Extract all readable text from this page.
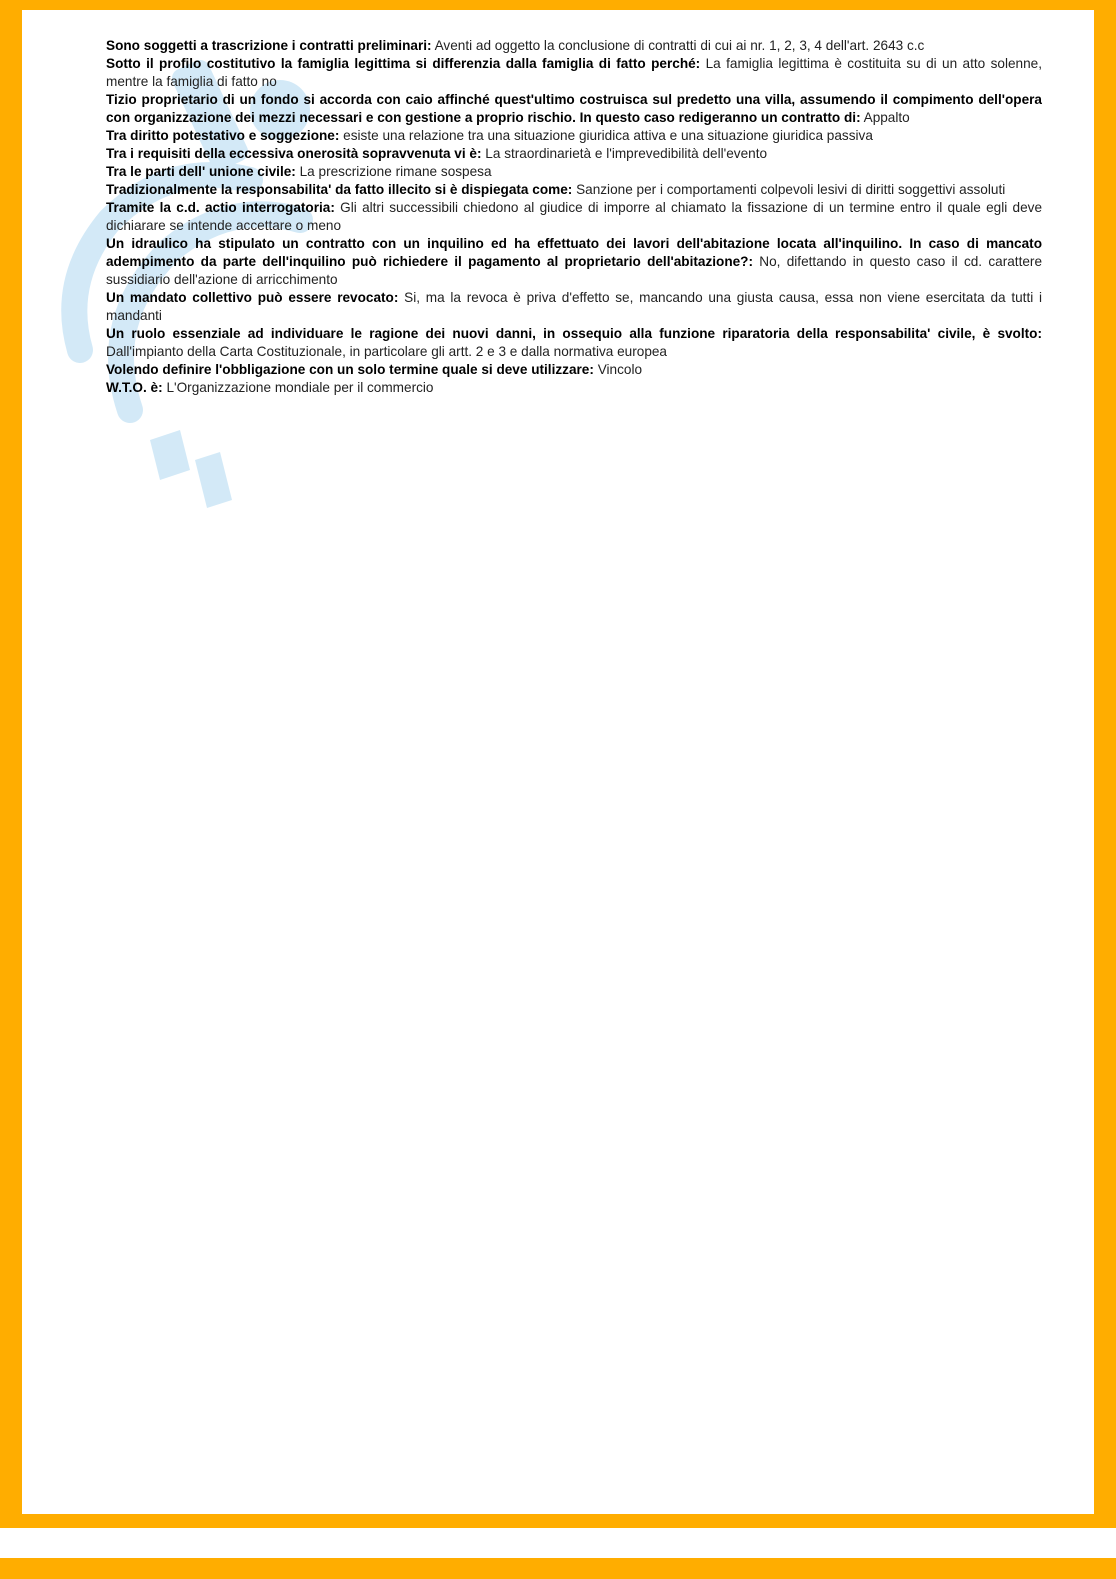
Sono soggetti a trascrizione i contratti preliminari: Aventi ad oggetto la conclusione di contratti di cui ai nr. 1, 2, 3, 4 dell'art. 2643 c.c

Sotto il profilo costitutivo la famiglia legittima si differenzia dalla famiglia di fatto perché: La famiglia legittima è costituita su di un atto solenne, mentre la famiglia di fatto no

Tizio proprietario di un fondo si accorda con caio affinché quest'ultimo costruisca sul predetto una villa, assumendo il compimento dell'opera con organizzazione dei mezzi necessari e con gestione a proprio rischio. In questo caso redigeranno un contratto di: Appalto

Tra diritto potestativo e soggezione: esiste una relazione tra una situazione giuridica attiva e una situazione giuridica passiva

Tra i requisiti della eccessiva onerosità sopravvenuta vi è: La straordinarietà e l'imprevedibilità dell'evento

Tra le parti dell' unione civile: La prescrizione rimane sospesa

Tradizionalmente la responsabilita' da fatto illecito si è dispiegata come: Sanzione per i comportamenti colpevoli lesivi di diritti soggettivi assoluti

Tramite la c.d. actio interrogatoria: Gli altri successibili chiedono al giudice di imporre al chiamato la fissazione di un termine entro il quale egli deve dichiarare se intende accettare o meno

Un idraulico ha stipulato un contratto con un inquilino ed ha effettuato dei lavori dell'abitazione locata all'inquilino. In caso di mancato adempimento da parte dell'inquilino può richiedere il pagamento al proprietario dell'abitazione?: No, difettando in questo caso il cd. carattere sussidiario dell'azione di arricchimento

Un mandato collettivo può essere revocato: Si, ma la revoca è priva d'effetto se, mancando una giusta causa, essa non viene esercitata da tutti i mandanti

Un ruolo essenziale ad individuare le ragione dei nuovi danni, in ossequio alla funzione riparatoria della responsabilita' civile, è svolto: Dall'impianto della Carta Costituzionale, in particolare gli artt. 2 e 3 e dalla normativa europea

Volendo definire l'obbligazione con un solo termine quale si deve utilizzare: Vincolo

W.T.O. è: L'Organizzazione mondiale per il commercio
